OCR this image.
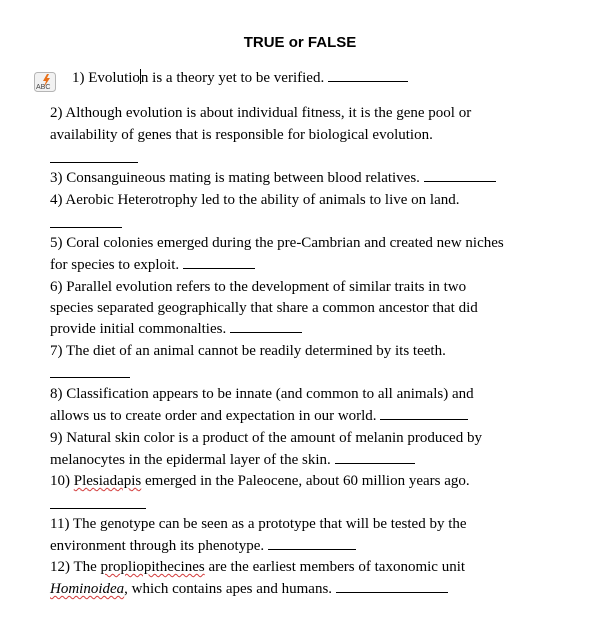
TRUE or FALSE
ABC
1) Evolution is a theory yet to be verified.
2) Although evolution is about individual fitness, it is the gene pool or
availability of genes that is responsible for biological evolution.
3) Consanguineous mating is mating between blood relatives.
4) Aerobic Heterotrophy led to the ability of animals to live on land.
5) Coral colonies emerged during the pre-Cambrian and created new niches
for species to exploit.
6) Parallel evolution refers to the development of similar traits in two
species separated geographically that share a common ancestor that did
provide initial commonalties.
7) The diet of an animal cannot be readily determined by its teeth.
8) Classification appears to be innate (and common to all animals) and
allows us to create order and expectation in our world.
9) Natural skin color is a product of the amount of melanin produced by
melanocytes in the epidermal layer of the skin.
10) Plesiadapis emerged in the Paleocene, about 60 million years ago.
11) The genotype can be seen as a prototype that will be tested by the
environment through its phenotype.
12) The propliopithecines are the earliest members of taxonomic unit
Hominoidea, which contains apes and humans.
